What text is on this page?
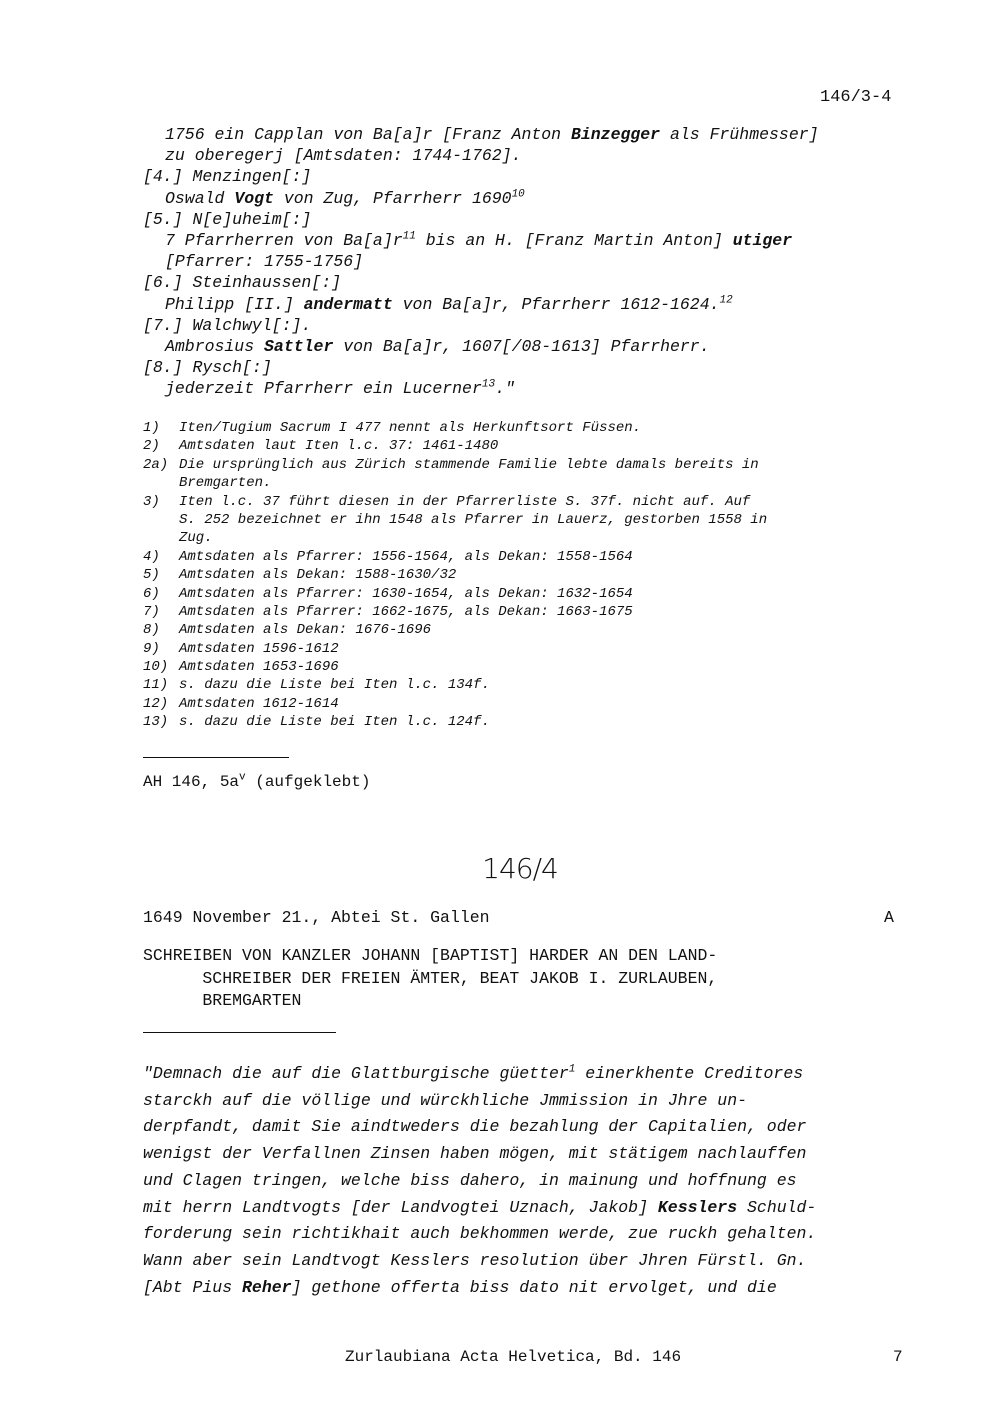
146/3-4
1756 ein Capplan von Ba[a]r [Franz Anton Binzegger als Frühmesser]
zu oberegerj [Amtsdaten: 1744-1762].
[4.] Menzingen[:]
Oswald Vogt von Zug, Pfarrherr 1690$^{10}$
[5.] N[e]uheim[:]
7 Pfarrherren von $Ba[a]r^{11}$ bis an H. [Franz Martin Anton] utiger
[Pfarrer: 1755-1756]
[6.] Steinhaussen[:]
Philipp [II.] andermatt von Ba[a]r, Pfarrherr 1612-1624.12
[7.] Walchwyl[:].
Ambrosius Sattler von Ba[a]r, 1607[/08-1613] Pfarrherr.
[8.] Rysch[:]
jederzeit Pfarrherr ein Lucerner$^{13}$."
1)	Iten/Tugium Sacrum I 477 nennt als Herkunftsort Füssen.
2)	Amtsdaten laut Iten l.c. 37: 1461-1480
2a) Die ursprünglich aus Zürich stammende Familie lebte damals bereits in
Bremgarten.
3)	Iten l.c. 37 führt diesen in der Pfarrerliste S. 37f. nicht auf. Auf
S. 252 bezeichnet er ihn 1548 als Pfarrer in Lauerz, gestorben 1558 in
Zug.
4)	Amtsdaten als Pfarrer: 1556-1564, als Dekan: 1558-1564
5)	Amtsdaten als Dekan: 1588-1630/32
6)	Amtsdaten als Pfarrer: 1630-1654, als Dekan: 1632-1654
7)	Amtsdaten als Pfarrer: 1662-1675, als Dekan: 1663-1675
8)	Amtsdaten als Dekan: 1676-1696
9)	Amtsdaten 1596-1612
10) Amtsdaten 1653-1696
11) s. dazu die Liste bei Iten l.c. 134f.
12) Amtsdaten 1612-1614
13) s. dazu die Liste bei Iten l.c. 124f.
AH 146, $5a^v$ (aufgeklebt)
146/4
1649 November 21., Abtei St. Gallen	A
SCHREIBEN VON KANZLER JOHANN [BAPTIST] HARDER AN DEN LAND-
SCHREIBER DER FREIEN ÄMTER, BEAT JAKOB I. ZURLAUBEN,
BREMGARTEN
"Demnach die auf die Glattburgische güetter$^1$ einerkhente Creditores
starckh auf die völlige und würckhliche Jmmission in Jhre un-
derpfandt, damit Sie aindtweders die bezahlung der Capitalien, oder
wenigst der Verfallnen Zinsen haben mögen, mit stätigem nachlauffen
und Clagen tringen, welche biss dahero, in mainung und hoffnung es
mit herrn Landtvogts [der Landvogtei Uznach, Jakob] Kesslers Schuld-
forderung sein richtikhait auch bekhommen werde, zue ruckh gehalten.
Wann aber sein Landtvogt Kesslers resolution über Jhren Fürstl. Gn.
[Abt Pius Reher] gethone offerta biss dato nit ervolget, und die
Zurlaubiana Acta Helvetica, Bd. 146	7
